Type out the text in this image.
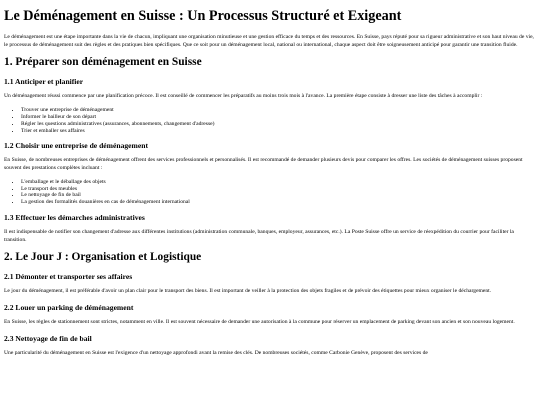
Le Déménagement en Suisse : Un Processus Structuré et Exigeant

Le déménagement est une étape importante dans la vie de chacun, impliquant une organisation minutieuse et une gestion efficace du temps et des ressources. En Suisse, pays réputé pour sa rigueur administrative et son haut niveau de vie, le processus de déménagement suit des règles et des pratiques bien spécifiques. Que ce soit pour un déménagement local, national ou international, chaque aspect doit être soigneusement anticipé pour garantir une transition fluide.

1. Préparer son déménagement en Suisse
1.1 Anticiper et planifier

Un déménagement réussi commence par une planification précoce. Il est conseillé de commencer les préparatifs au moins trois mois à l'avance. La première étape consiste à dresser une liste des tâches à accomplir :

• Trouver une entreprise de déménagement
• Informer le bailleur de son départ
• Régler les questions administratives (assurances, abonnements, changement d'adresse)
• Trier et emballer ses affaires
1.2 Choisir une entreprise de déménagement

En Suisse, de nombreuses entreprises de déménagement offrent des services professionnels et personnalisés. Il est recommandé de demander plusieurs devis pour comparer les offres. Les sociétés de déménagement suisses proposent souvent des prestations complètes incluant :

• L'emballage et le déballage des objets
• Le transport des meubles
• Le nettoyage de fin de bail
• La gestion des formalités douanières en cas de déménagement international
1.3 Effectuer les démarches administratives

Il est indispensable de notifier son changement d'adresse aux différentes institutions (administration communale, banques, employeur, assurances, etc.). La Poste Suisse offre un service de réexpédition du courrier pour faciliter la transition.

2. Le Jour J : Organisation et Logistique
2.1 Démonter et transporter ses affaires

Le jour du déménagement, il est préférable d'avoir un plan clair pour le transport des biens. Il est important de veiller à la protection des objets fragiles et de prévoir des étiquettes pour mieux organiser le déchargement.

2.2 Louer un parking de déménagement

En Suisse, les règles de stationnement sont strictes, notamment en ville. Il est souvent nécessaire de demander une autorisation à la commune pour réserver un emplacement de parking devant son ancien et son nouveau logement.

2.3 Nettoyage de fin de bail

Une particularité du déménagement en Suisse est l'exigence d'un nettoyage approfondi avant la remise des clés. De nombreuses sociétés, comme Carbonie Genève, proposent des services de
